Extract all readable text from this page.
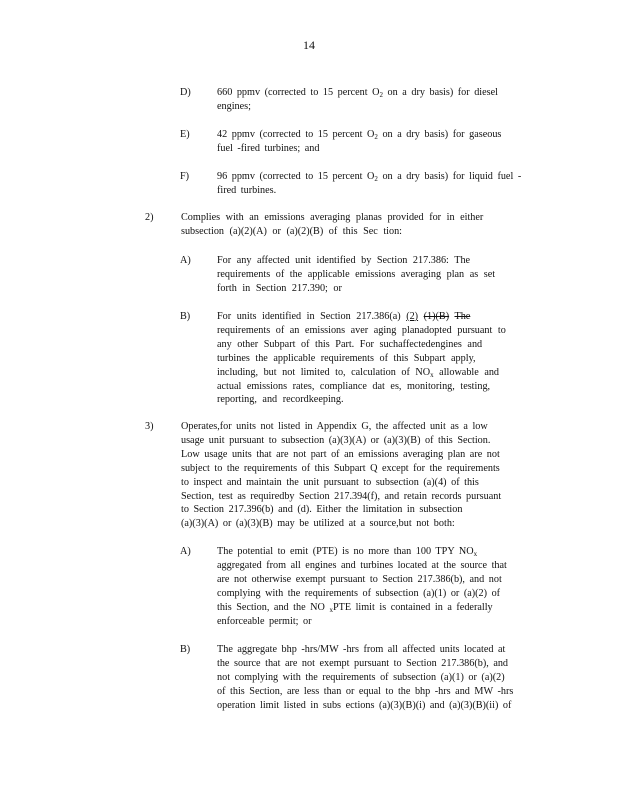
14
D)	660 ppmv (corrected to 15 percent $O_2$ on a dry basis) for diesel
engines;
E)	42 ppmv (corrected to 15 percent $O_2$ on a dry basis) for gaseous
fuel -fired turbines; and
F)	96 ppmv (corrected to 15 percent $O_2$ on a dry basis) for liquid fuel -
fired turbines.
2)	Complies with an emissions averaging planas provided for in either
subsection (a)(2)(A) or (a)(2)(B) of this Sec tion:
A)	For any affected unit identified by Section 217.386: The
requirements of the applicable emissions averaging plan as set
forth in Section 217.390; or
B)	For units identified in Section 217.386(a) (2) (1)(B) The
requirements of an emissions aver aging planadopted pursuant to
any other Subpart of this Part. For suchaffectedengines and
turbines the applicable requirements of this Subpart apply,
including, but not limited to, calculation of $NO_x$ allowable and
actual emissions rates, compliance dat es, monitoring, testing,
reporting, and recordkeeping.
3)	Operates,for units not listed in Appendix G, the affected unit as a low
usage unit pursuant to subsection (a)(3)(A) or (a)(3)(B) of this Section.
Low usage units that are not part of an emissions averaging plan are not
subject to the requirements of this Subpart Q except for the requirements
to inspect and maintain the unit pursuant to subsection (a)(4) of this
Section, test as requiredby Section 217.394(f), and retain records pursuant
to Section 217.396(b) and (d). Either the limitation in subsection
(a)(3)(A) or (a)(3)(B) may be utilized at a source,but not both:
A)	The potential to emit (PTE) is no more than 100 TPY $NO_x$
aggregated from all engines and turbines located at the source that
are not otherwise exempt pursuant to Section 217.386(b), and not
complying with the requirements of subsection (a)(1) or (a)(2) of
this Section, and the NO $_x$PTE limit is contained in a federally
enforceable permit; or
B)	The aggregate bhp -hrs/MW -hrs from all affected units located at
the source that are not exempt pursuant to Section 217.386(b), and
not complying with the requirements of subsection (a)(1) or (a)(2)
of this Section, are less than or equal to the bhp -hrs and MW -hrs
operation limit listed in subs ections (a)(3)(B)(i) and (a)(3)(B)(ii) of
